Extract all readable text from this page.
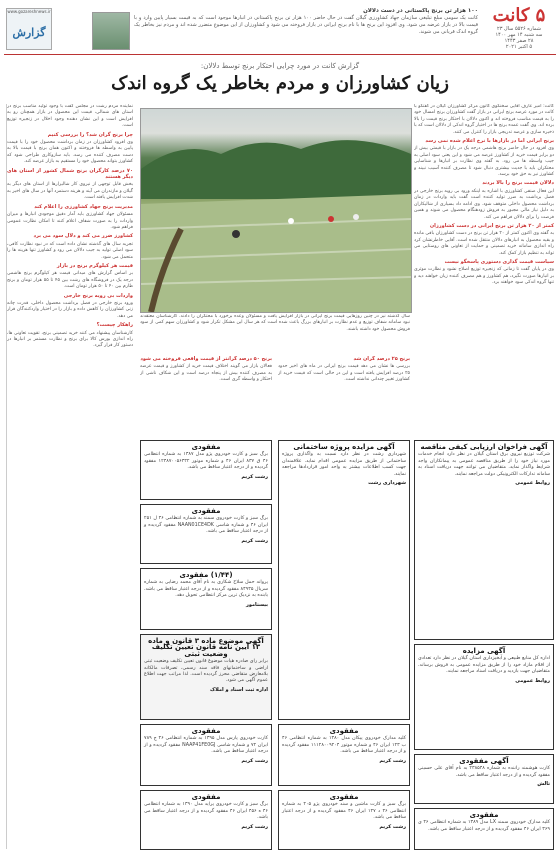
۵ کانت
شماره ۵۵۲۶ سال ۲۳
سه شنبه ۱۴ مهر ۱۴۰۰
۲۸ صفر ۱۴۴۳
۵ اکتبر ۲۰۲۱
۱۰۰ هزار تن برنج پاکستانی در دست دلالان
کانت یک سومی مبلغ تبلیغی سازمان جهاد کشاورزی گیلان گفت در حال حاضر ۱۰۰ هزار تن برنج پاکستانی در انبارها موجود است که به قیمت بسیار پایین وارد و با قیمت بالا در بازار عرضه می شود. وی افزود این برنج ها با نام برنج ایرانی در بازار فروخته می شود و کشاورزان از این موضوع متضرر شده اند و مردم نیز بخاطر یک گروه اندک قربانی می شوند.
www.gozareshnews.ir
گزارش
گزارش کانت در مورد چرایی احتکار برنج توسط دلالان:
زیان کشاورزان و مردم بخاطر یک گروه اندک

کانت: امیر عارف آقایی سخنگوی کانون مرکز کشاورزان گیلان در گفتگو با کانت در مورد عرضه برنج ایرانی در بازار گفت کشاورزان برنج امسال خود را به قیمت مناسب فروخته اند و اکنون دلالان با احتکار برنج قیمت را بالا برده اند. وی گفت عمده برنج ها در اختیار گروه اندکی از دلالان است که با ذخیره سازی و عرضه تدریجی بازار را کنترل می کنند.

برنج ایرانی اما در بازارها با نرخ اعلام شده نمی رسد

وی افزود در حال حاضر برنج هاشمی درجه یک در بازار با قیمتی بیش از دو برابر قیمت خرید از کشاورز عرضه می شود و این یعنی سود اصلی به جیب واسطه ها می رود. به گفته وی نظارت بر انبارها و شناسایی محتکران باید با جدیت بیشتری دنبال شود تا مصرف کننده آسیب نبیند و کشاورز نیز به حق خود برسد.

دلالان قیمت برنج را بالا بردند

این فعال صنفی کشاورزی با اشاره به اینکه ورود بی رویه برنج خارجی در فصل برداشت به ضرر تولید کننده است گفت باید واردات در زمان برداشت محصول داخلی متوقف شود. وی ادامه داد بسیاری از شالیکاران به دلیل نیاز مالی مجبور به فروش زودهنگام محصول می شوند و همین فرصت را برای دلالان فراهم می کند.

کمتر از ۲۰ هزار تن برنج ایرانی در دست کشاورزان

به گفته وی اکنون کمتر از ۲۰ هزار تن برنج در دست کشاورزان باقی مانده و بقیه محصول به انبارهای دلالان منتقل شده است. آقایی خاطرنشان کرد راه اندازی سامانه خرید تضمینی و حمایت از تعاونی های روستایی می تواند به تنظیم بازار کمک کند.

سیاست قیمت گذاری دستوری پاسخگو نیست

وی در پایان گفت تا زمانی که زنجیره توزیع اصلاح نشود و نظارت موثری بر انبارها صورت نگیرد، هم کشاورز و هم مصرف کننده زیان خواهند دید و تنها گروه اندکی سود خواهند برد.

سال گذشته نیز در چنین روزهایی قیمت برنج ایرانی در بازار افزایش یافت و مسئولان وعده برخورد با محتکران را دادند. کارشناسان معتقدند نبود سامانه شفاف توزیع و عدم نظارت بر انبارهای بزرگ باعث شده است که هر سال این مشکل تکرار شود و کشاورزان سهم کمی از سود فروش محصول خود داشته باشند.

برنج ۲۵ درصد گران شد

بررسی ها نشان می دهد قیمت برنج ایرانی در ماه های اخیر حدود ۲۵ درصد افزایش یافته است و این در حالی است که قیمت خرید از کشاورز تغییر چندانی نداشته است.

برنج ۵۰ درصد گرانتر از قیمت واقعی فروخته می شود

فعالان بازار می گویند اختلاف قیمت خرید از کشاورز و قیمت عرضه به مصرف کننده بیش از پنجاه درصد است و این شکاف ناشی از احتکار و واسطه گری است.

نماینده مردم رشت در مجلس گفت با وجود تولید مناسب برنج در استان های شمالی، قیمت این محصول در بازار همچنان رو به افزایش است و این نشان دهنده وجود اخلال در زنجیره توزیع است.

چرا برنج گران شد؟ را بررسی کنیم

وی افزود کشاورزان در زمان برداشت محصول خود را با قیمت پایین به واسطه ها فروختند و اکنون همان برنج با قیمت بالا به دست مصرف کننده می رسد. باید سازوکاری طراحی شود که کشاورز بتواند محصول خود را مستقیم به بازار عرضه کند.

۷۰ درصد کارگران برنج شمال کشور از استان های دیگر هستند

بخش قابل توجهی از نیروی کار شالیزارها از استان های دیگر به گیلان و مازندران می آیند و هزینه دستمزد آنها در سال های اخیر به شدت افزایش یافته است.

مدیریت برنج جهاد کشاورزی را اعلام کند

مسئولان جهاد کشاورزی باید آمار دقیق موجودی انبارها و میزان واردات را به صورت شفاف اعلام کنند تا امکان نظارت عمومی فراهم شود.

کشاورز ضرر می کند و دلال سود می برد

تجربه سال های گذشته نشان داده است که در نبود نظارت کافی، سود اصلی تولید به جیب دلالان می رود و کشاورز تنها هزینه ها را متحمل می شود.

قیمت هر کیلوگرم برنج در بازار

بر اساس گزارش های میدانی قیمت هر کیلوگرم برنج هاشمی درجه یک در فروشگاه های رشت بین ۴۵ تا ۵۵ هزار تومان و برنج طارم بین ۴۰ تا ۵۰ هزار تومان است.

واردات بی رویه برنج خارجی

ورود برنج خارجی در فصل برداشت محصول داخلی، قدرت چانه زنی کشاورزان را کاهش داده و بازار را در اختیار واردکنندگان قرار می دهد.

راهکار چیست؟

کارشناسان پیشنهاد می کنند خرید تضمینی برنج، تقویت تعاونی ها، راه اندازی بورس کالا برای برنج و نظارت مستمر بر انبارها در دستور کار قرار گیرد.

آگهی فراخوان ارزیابی کیفی مناقصه
شرکت توزیع نیروی برق استان گیلان در نظر دارد انجام خدمات مورد نیاز خود را از طریق مناقصه عمومی به پیمانکاران واجد شرایط واگذار نماید. متقاضیان می توانند جهت دریافت اسناد به سامانه تدارکات الکترونیکی دولت مراجعه نمایند.
روابط عمومی
آگهی مزایده پروژه ساختمانی
شهرداری رشت در نظر دارد نسبت به واگذاری پروژه ساختمانی از طریق مزایده عمومی اقدام نماید. علاقمندان جهت کسب اطلاعات بیشتر به واحد امور قراردادها مراجعه نمایند.
شهرداری رشت
مفقودی
برگ سبز و کارت خودروی پژو مدل ۱۳۸۷ به شماره انتظامی ۴۶ ق ۸۳۷ ایران ۴۶ و شماره موتور ۱۲۴۸۷۰۰۵۶۴۳۲ مفقود گردیده و از درجه اعتبار ساقط می باشد.
رشت کریم
مفقودی
برگ سبز و کارت خودروی سمند به شماره انتظامی ۴۶ ل ۲۵۱ ایران ۴۶ و شماره شاسی NAAN01CE4DK مفقود گردیده و از درجه اعتبار ساقط می باشد.
رشت کریم
(۱/۴۴) مفقودی
پروانه حمل سلاح شکاری به نام آقای محمد رضایی به شماره سریال ۸۴۹۳۵ مفقود گردیده و از درجه اعتبار ساقط می باشد. یابنده به نزدیک ترین مرکز انتظامی تحویل دهد.
بیستامور
آگهی موضوع ماده ۳ قانون و ماده ۱۳ آیین نامه قانون تعیین تکلیف وضعیت ثبتی
برابر رای صادره هیات موضوع قانون تعیین تکلیف وضعیت ثبتی اراضی و ساختمانهای فاقد سند رسمی، تصرفات مالکانه بلامعارض متقاضی محرز گردیده است. لذا مراتب جهت اطلاع عموم آگهی می شود.
اداره ثبت اسناد و املاک
آگهی مزایده
اداره کل منابع طبیعی و آبخیزداری استان گیلان در نظر دارد تعدادی از اقلام مازاد خود را از طریق مزایده عمومی به فروش برساند. متقاضیان جهت بازدید و دریافت اسناد مراجعه نمایند.
روابط عمومی
مفقودی
کلیه مدارک خودروی پیکان مدل ۱۳۸۰ به شماره انتظامی ۴۶ ب ۱۲۳ ایران ۴۶ و شماره موتور ۱۱۱۲۸۰۰۹۲۰۴ مفقود گردیده و از درجه اعتبار ساقط می باشد.
رشت کریم	آگهی مفقودی
کارت هوشمند راننده به شماره ۲۳۸۵۴۸ به نام آقای علی حسینی مفقود گردیده و از درجه اعتبار ساقط می باشد.
تالش
مفقودی
کارت خودروی پارس مدل ۱۳۹۵ به شماره انتظامی ۴۶ ج ۷۸۹ ایران ۷۲ و شماره شاسی NAAP41FE0GJ مفقود گردیده و از درجه اعتبار ساقط می باشد.
رشت کریم
مفقودی
برگ سبز و کارت ماشین و سند خودروی پژو ۴۰۵ به شماره انتظامی ۴۶ د ۱۴۷ ایران ۴۶ مفقود گردیده و از درجه اعتبار ساقط می باشد.
رشت کریم
مفقودی
برگ سبز و کارت خودروی پراید مدل ۱۳۹۰ به شماره انتظامی ۴۶ ه ۴۵۶ ایران ۴۶ مفقود گردیده و از درجه اعتبار ساقط می باشد.
رشت کریم
مفقودی
کلیه مدارک خودروی سمند LX مدل ۱۳۸۹ به شماره انتظامی ۴۶ ی ۳۶۹ ایران ۴۶ مفقود گردیده و از درجه اعتبار ساقط می باشد.
